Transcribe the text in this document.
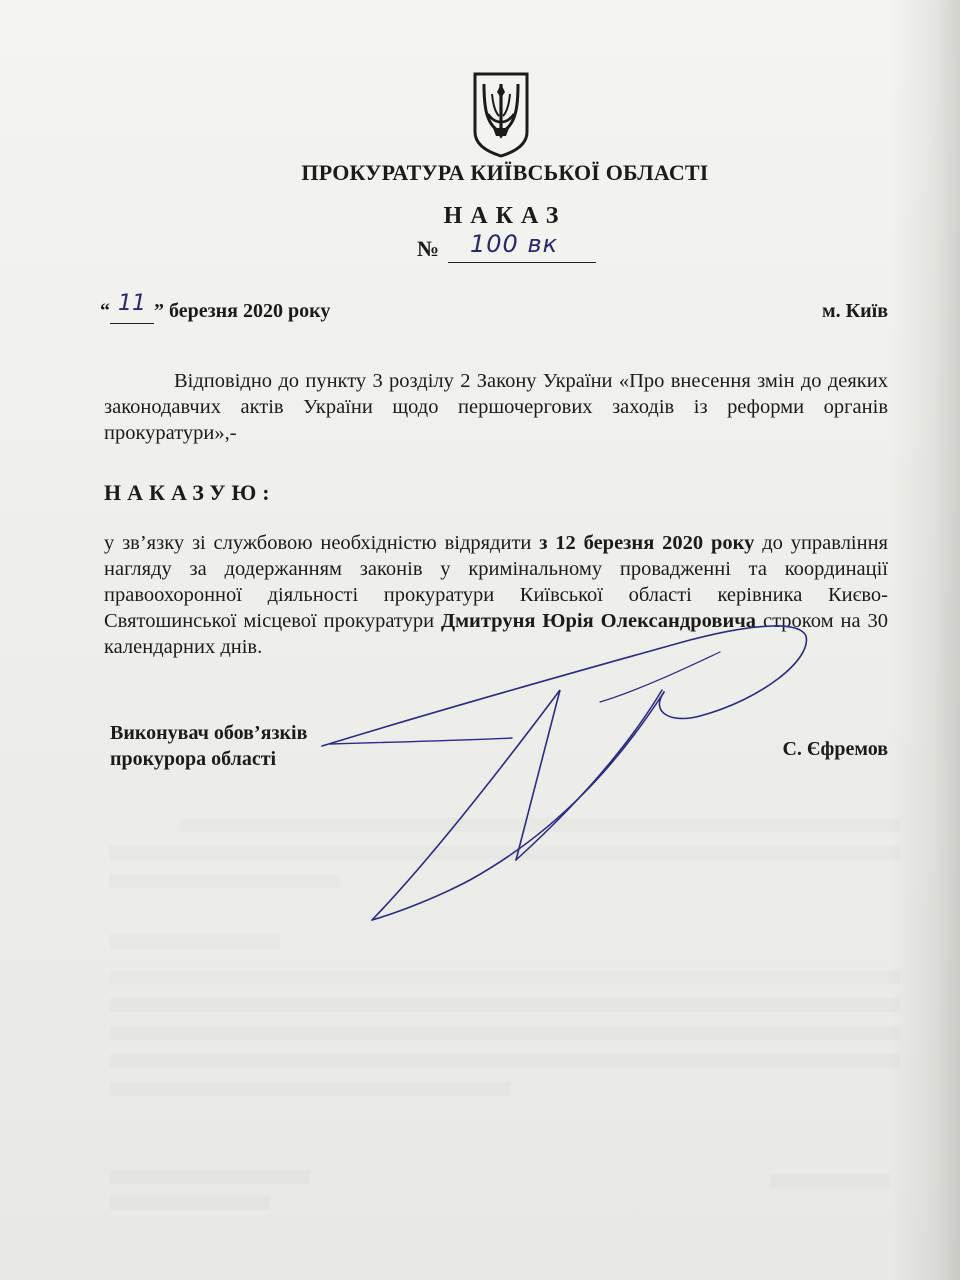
ПРОКУРАТУРА КИЇВСЬКОЇ ОБЛАСТІ
НАКАЗ
№ 100 вк
“ 11 ” березня 2020 року	м. Київ
Відповідно до пункту 3 розділу 2 Закону України «Про внесення змін до деяких законодавчих актів України щодо першочергових заходів із реформи органів прокуратури»,-
НАКАЗУЮ:
у зв’язку зі службовою необхідністю відрядити з 12 березня 2020 року до управління нагляду за додержанням законів у кримінальному провадженні та координації правоохоронної діяльності прокуратури Київської області керівника Києво-Святошинської місцевої прокуратури Дмитруня Юрія Олександровича строком на 30 календарних днів.
Виконувач обов’язків
прокурора області	С. Єфремов
